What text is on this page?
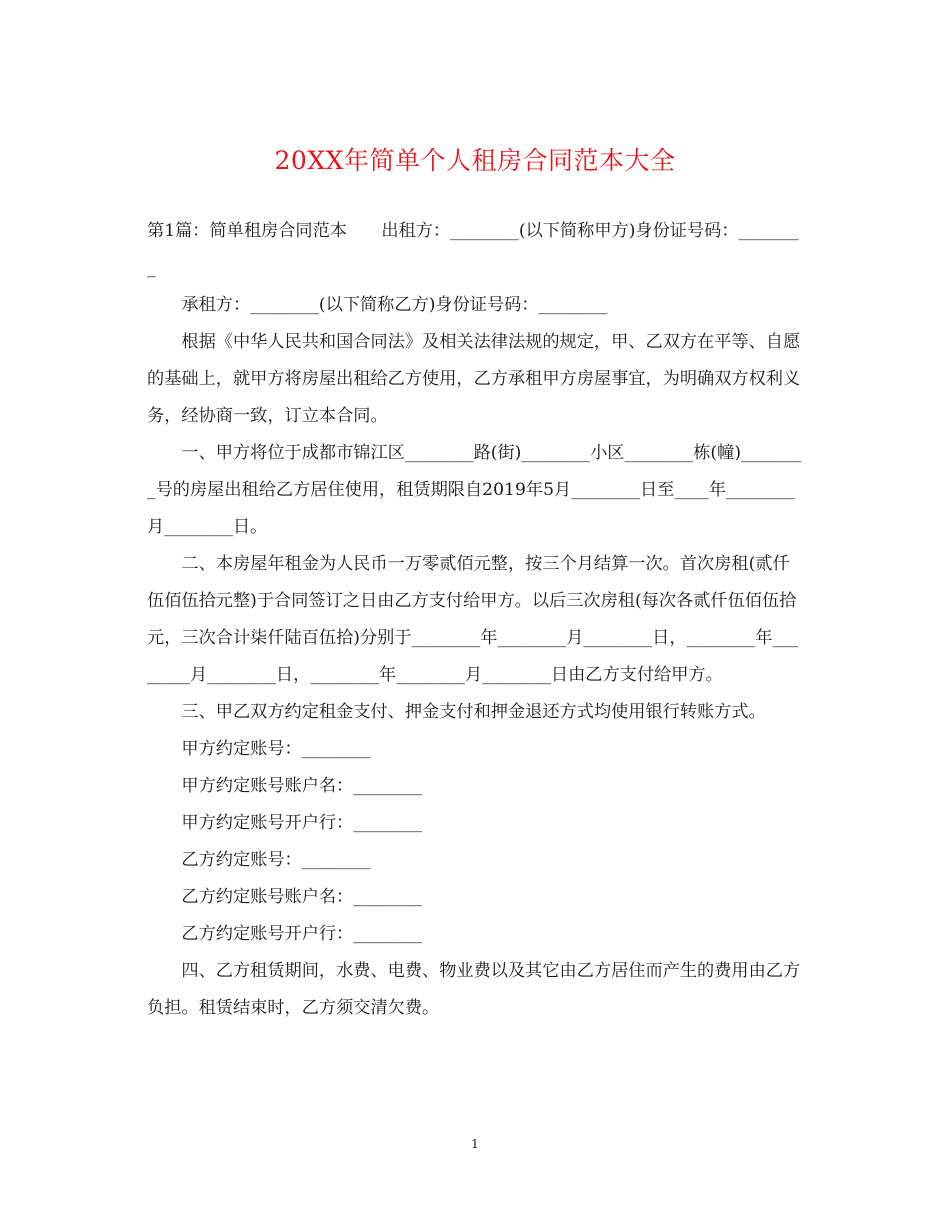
20XX年简单个人租房合同范本大全

第1篇：简单租房合同范本　　出租方：________(以下简称甲方)身份证号码：________

承租方：________(以下简称乙方)身份证号码：________

根据《中华人民共和国合同法》及相关法律法规的规定，甲、乙双方在平等、自愿的基础上，就甲方将房屋出租给乙方使用，乙方承租甲方房屋事宜，为明确双方权利义务，经协商一致，订立本合同。

一、甲方将位于成都市锦江区________路(街)________小区________栋(幢)________号的房屋出租给乙方居住使用，租赁期限自2019年5月________日至____年________月________日。

二、本房屋年租金为人民币一万零贰佰元整，按三个月结算一次。首次房租(贰仟伍佰伍拾元整)于合同签订之日由乙方支付给甲方。以后三次房租(每次各贰仟伍佰伍拾元，三次合计柒仟陆百伍拾)分别于________年________月________日，________年________月________日，________年________月________日由乙方支付给甲方。

三、甲乙双方约定租金支付、押金支付和押金退还方式均使用银行转账方式。

甲方约定账号：________

甲方约定账号账户名：________

甲方约定账号开户行：________

乙方约定账号：________

乙方约定账号账户名：________

乙方约定账号开户行：________

四、乙方租赁期间，水费、电费、物业费以及其它由乙方居住而产生的费用由乙方负担。租赁结束时，乙方须交清欠费。

1
